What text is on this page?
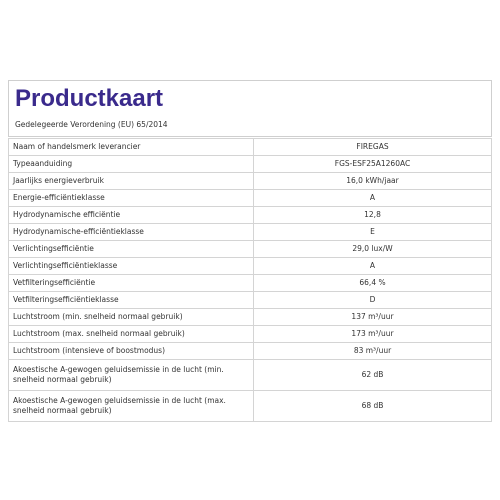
Productkaart
Gedelegeerde Verordening (EU) 65/2014
Naam of handelsmerk leverancier	FIREGAS
Typeaanduiding	FGS-ESF25A1260AC
Jaarlijks energieverbruik	16,0 kWh/jaar
Energie-efficiëntieklasse	A
Hydrodynamische efficiëntie	12,8
Hydrodynamische-efficiëntieklasse	E
Verlichtingsefficiëntie	29,0 lux/W
Verlichtingsefficiëntieklasse	A
Vetfilteringsefficiëntie	66,4 %
Vetfilteringsefficiëntieklasse	D
Luchtstroom (min. snelheid normaal gebruik)	137 m³/uur
Luchtstroom (max. snelheid normaal gebruik)	173 m³/uur
Luchtstroom (intensieve of boostmodus)	83 m³/uur
Akoestische A-gewogen geluidsemissie in de lucht (min. snelheid normaal gebruik)	62 dB
Akoestische A-gewogen geluidsemissie in de lucht (max. snelheid normaal gebruik)	68 dB
